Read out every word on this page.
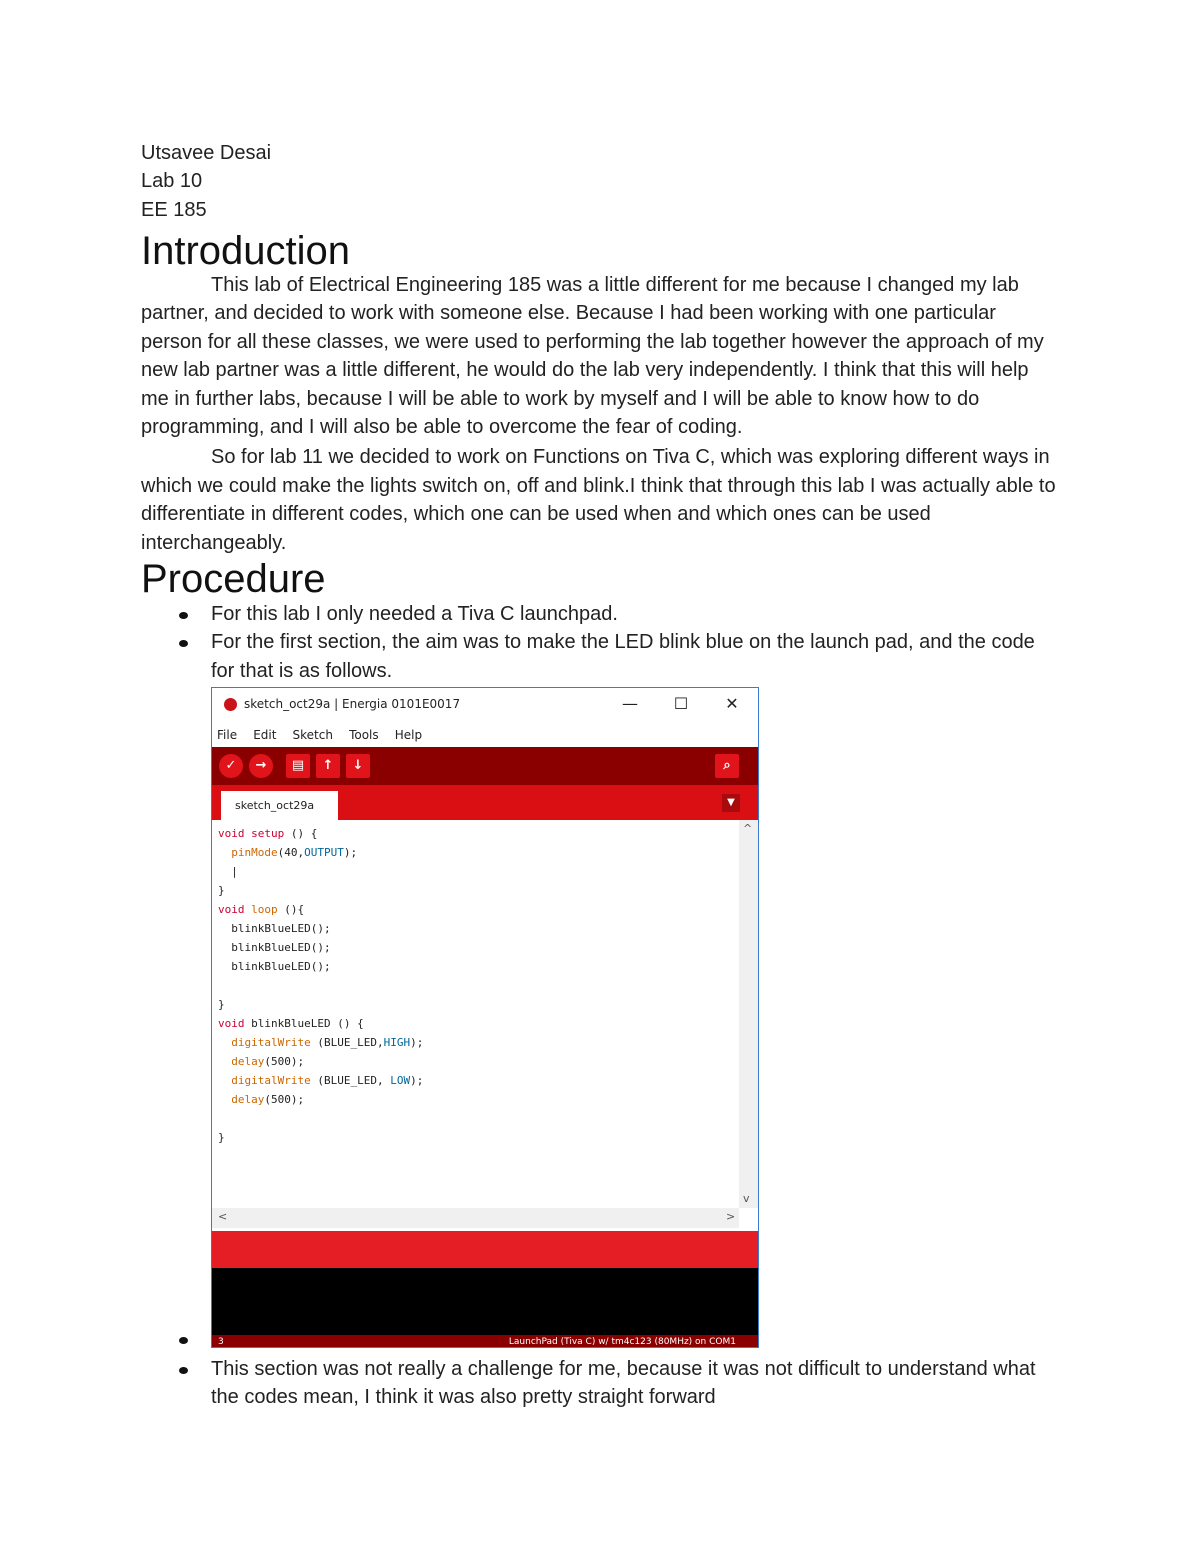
Utsavee Desai
Lab 10
EE 185
Introduction

This lab of Electrical Engineering 185 was a little different for me because I changed my lab partner, and decided to work with someone else. Because I had been working with one particular person for all these classes, we were used to performing the lab together however the approach of my new lab partner was a little different, he would do the lab very independently. I think that this will help me in further labs, because I will be able to work by myself and I will be able to know how to do programming, and I will also be able to overcome the fear of coding.

So for lab 11 we decided to work on Functions on Tiva C, which was exploring different ways in which we could make the lights switch on, off and blink.I think that through this lab I was actually able to differentiate in different codes, which one can be used when and which ones can be used interchangeably.

Procedure
For this lab I only needed a Tiva C launchpad.
For the first section, the aim was to make the LED blink blue on the launch pad, and the code for that is as follows.
sketch_oct29a | Energia 0101E0017	—	☐	✕
File Edit Sketch Tools Help
✓	→	▤	↑	↓	⌕
sketch_oct29a	▼
void setup () {
pinMode(40,OUTPUT);
|
}
void loop (){
blinkBlueLED();
blinkBlueLED();
blinkBlueLED();

}
void blinkBlueLED () {
digitalWrite (BLUE_LED,HIGH);
delay(500);
digitalWrite (BLUE_LED, LOW);
delay(500);

}
^
v
<	>
3	LaunchPad (Tiva C) w/ tm4c123 (80MHz) on COM1
This section was not really a challenge for me, because it was not difficult to understand what the codes mean, I think it was also pretty straight forward
